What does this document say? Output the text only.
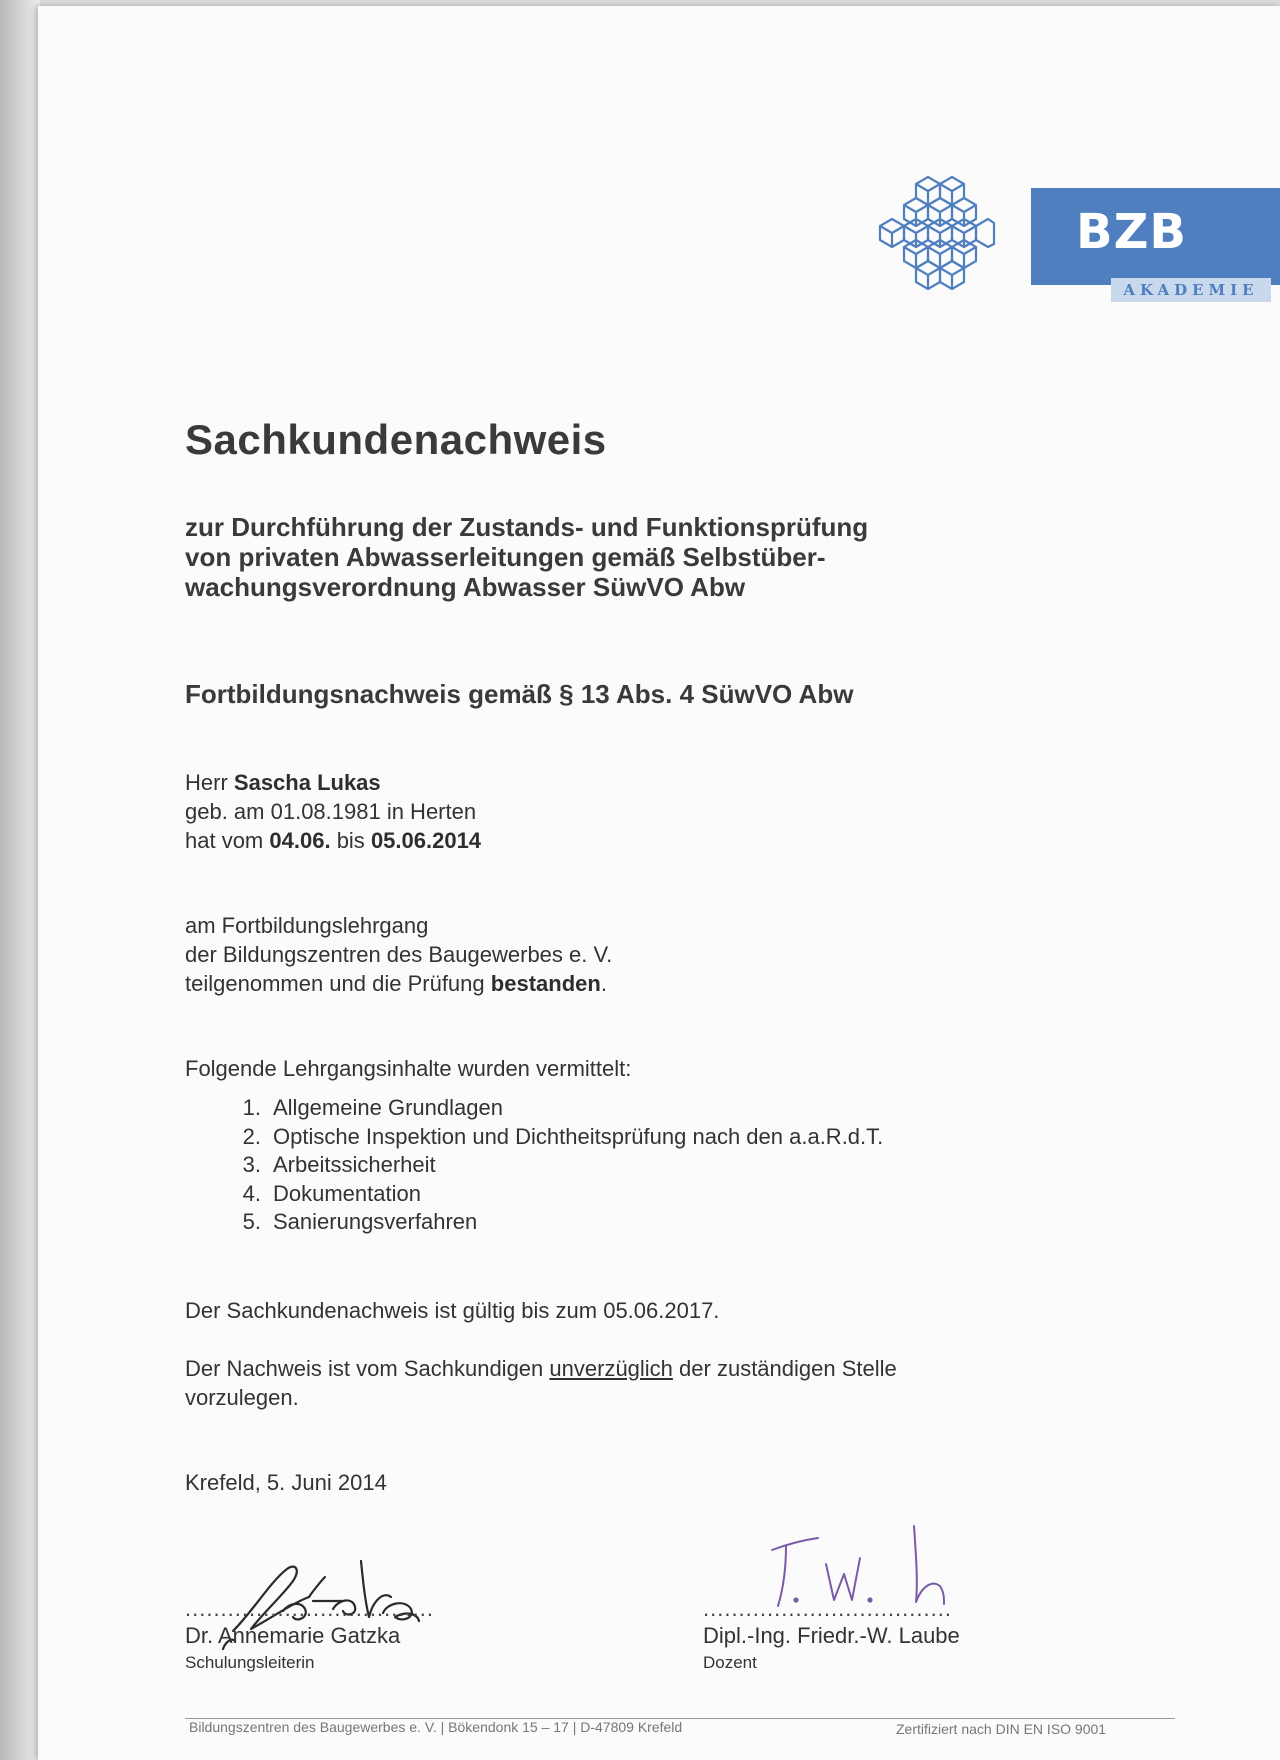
BZB
AKADEMIE
Sachkundenachweis
zur Durchführung der Zustands- und Funktionsprüfung
von privaten Abwasserleitungen gemäß Selbstüber-
wachungsverordnung Abwasser SüwVO Abw
Fortbildungsnachweis gemäß § 13 Abs. 4 SüwVO Abw
Herr Sascha Lukas
geb. am 01.08.1981 in Herten
hat vom 04.06. bis 05.06.2014
am Fortbildungslehrgang
der Bildungszentren des Baugewerbes e. V.
teilgenommen und die Prüfung bestanden.
Folgende Lehrgangsinhalte wurden vermittelt:
1. Allgemeine Grundlagen
2. Optische Inspektion und Dichtheitsprüfung nach den a.a.R.d.T.
3. Arbeitssicherheit
4. Dokumentation
5. Sanierungsverfahren
Der Sachkundenachweis ist gültig bis zum 05.06.2017.
Der Nachweis ist vom Sachkundigen unverzüglich der zuständigen Stelle
vorzulegen.
Krefeld, 5. Juni 2014
...................................
Dr. Annemarie Gatzka
Schulungsleiterin
...................................
Dipl.-Ing. Friedr.-W. Laube
Dozent
Bildungszentren des Baugewerbes e. V. | Bökendonk 15 – 17 | D-47809 Krefeld	Zertifiziert nach DIN EN ISO 9001
